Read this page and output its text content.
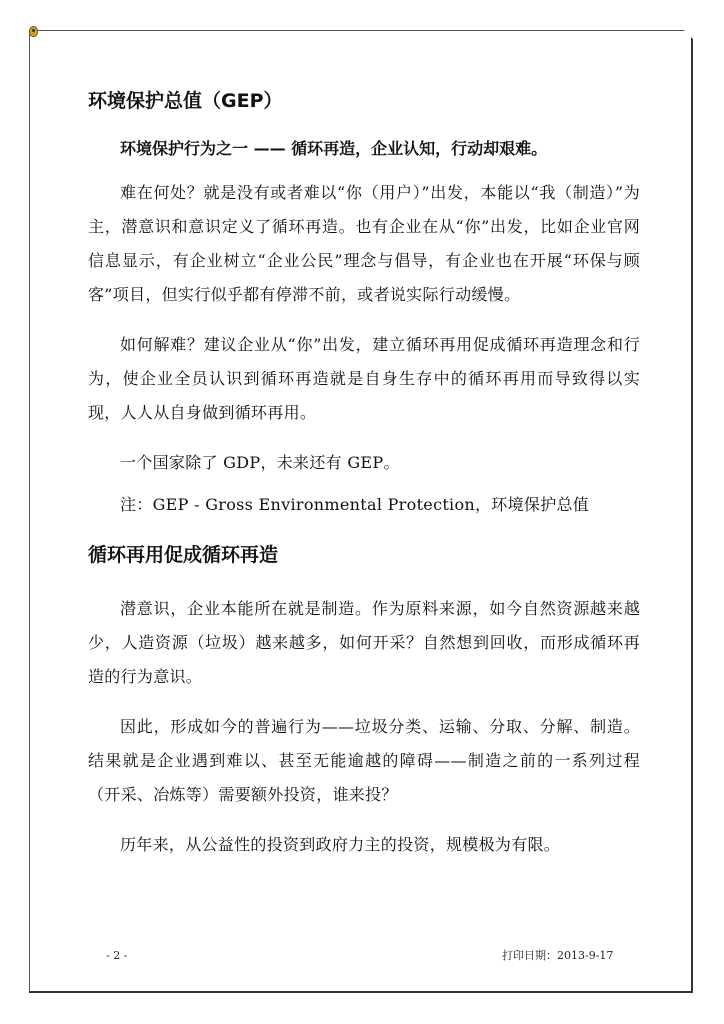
环境保护总值（GEP）

环境保护行为之一 —— 循环再造，企业认知，行动却艰难。

难在何处？就是没有或者难以“你（用户）”出发，本能以“我（制造）”为主，潜意识和意识定义了循环再造。也有企业在从“你”出发，比如企业官网信息显示，有企业树立“企业公民”理念与倡导，有企业也在开展“环保与顾客”项目，但实行似乎都有停滞不前，或者说实际行动缓慢。

如何解难？建议企业从“你”出发，建立循环再用促成循环再造理念和行为，使企业全员认识到循环再造就是自身生存中的循环再用而导致得以实现，人人从自身做到循环再用。

一个国家除了 GDP，未来还有 GEP。

注：GEP - Gross Environmental Protection，环境保护总值

循环再用促成循环再造

潜意识，企业本能所在就是制造。作为原料来源，如今自然资源越来越少，人造资源（垃圾）越来越多，如何开采？自然想到回收，而形成循环再造的行为意识。

因此，形成如今的普遍行为——垃圾分类、运输、分取、分解、制造。结果就是企业遇到难以、甚至无能逾越的障碍——制造之前的一系列过程（开采、冶炼等）需要额外投资，谁来投？

历年来，从公益性的投资到政府力主的投资，规模极为有限。

- 2 -	打印日期：2013-9-17
